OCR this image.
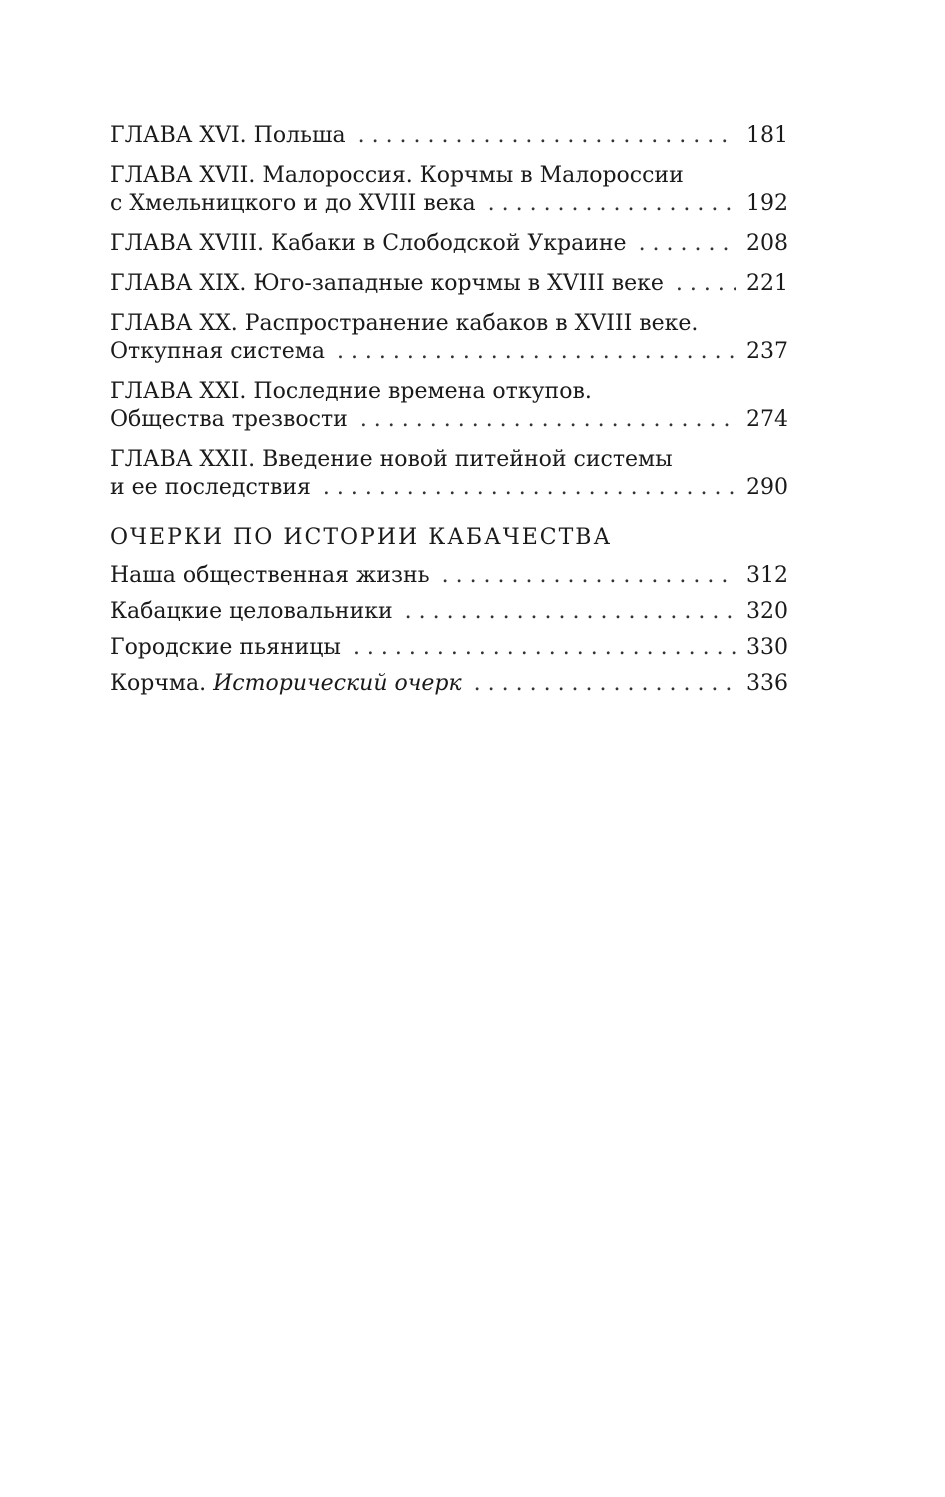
ГЛАВА XVI. Польша . . .	181
ГЛАВА XVII. Малороссия. Корчмы в Малороссии
с Хмельницкого и до XVIII века . . .	192
ГЛАВА XVIII. Кабаки в Слободской Украине . . .	208
ГЛАВА XIX. Юго-западные корчмы в XVIII веке . . .	221
ГЛАВА XX. Распространение кабаков в XVIII веке.
Откупная система . . .	237
ГЛАВА XXI. Последние времена откупов.
Общества трезвости . . .	274
ГЛАВА XXII. Введение новой питейной системы
и ее последствия . . .	290
ОЧЕРКИ ПО ИСТОРИИ КАБАЧЕСТВА
Наша общественная жизнь . . .	312
Кабацкие целовальники . . .	320
Городские пьяницы . . .	330
Корчма. Исторический очерк . . .	336
